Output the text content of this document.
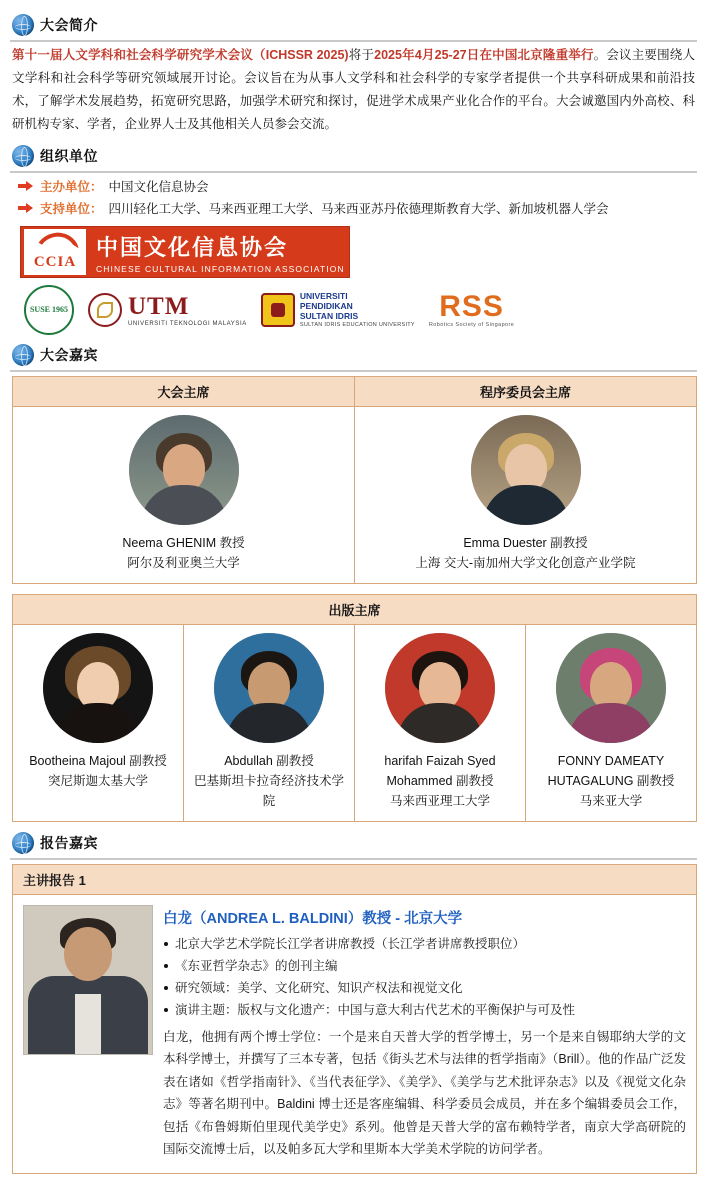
大会简介

第十一届人文学科和社会科学研究学术会议（ICHSSR 2025)将于2025年4月25-27日在中国北京隆重举行。会议主要围绕人文学科和社会科学等研究领域展开讨论。会议旨在为从事人文学科和社会科学的专家学者提供一个共享科研成果和前沿技术，了解学术发展趋势，拓宽研究思路，加强学术研究和探讨，促进学术成果产业化合作的平台。大会诚邀国内外高校、科研机构专家、学者，企业界人士及其他相关人员参会交流。

组织单位
主办单位： 中国文化信息协会
支持单位： 四川轻化工大学、马来西亚理工大学、马来西亚苏丹依德理斯教育大学、新加坡机器人学会
CCIA
中国文化信息协会
CHINESE CULTURAL INFORMATION ASSOCIATION
SUSE 1965 UTM
UNIVERSITI TEKNOLOGI MALAYSIA
UNIVERSITI
PENDIDIKAN
SULTAN IDRIS
SULTAN IDRIS EDUCATION UNIVERSITY
RSS
Robotics Society of Singapore
大会嘉宾
大会主席	程序委员会主席

Neema GHENIM 教授
阿尔及利亚奥兰大学

Emma Duester 副教授
上海 交大-南加州大学文化创意产业学院
出版主席

Bootheina Majoul 副教授
突尼斯迦太基大学

Abdullah 副教授
巴基斯坦卡拉奇经济技术学院

harifah Faizah Syed Mohammed 副教授
马来西亚理工大学

FONNY DAMEATY HUTAGALUNG 副教授
马来亚大学
报告嘉宾
主讲报告 1
白龙（ANDREA L. BALDINI）教授 - 北京大学
北京大学艺术学院长江学者讲席教授（长江学者讲席教授职位）
《东亚哲学杂志》的创刊主编
研究领域：美学、文化研究、知识产权法和视觉文化
演讲主题：版权与文化遗产：中国与意大利古代艺术的平衡保护与可及性

白龙，他拥有两个博士学位：一个是来自天普大学的哲学博士，另一个是来自锡耶纳大学的文本科学博士，并撰写了三本专著，包括《街头艺术与法律的哲学指南》（Brill）。他的作品广泛发表在诸如《哲学指南针》、《当代表征学》、《美学》、《美学与艺术批评杂志》以及《视觉文化杂志》等著名期刊中。Baldini 博士还是客座编辑、科学委员会成员，并在多个编辑委员会工作，包括《布鲁姆斯伯里现代美学史》系列。他曾是天普大学的富布赖特学者，南京大学高研院的国际交流博士后，以及帕多瓦大学和里斯本大学美术学院的访问学者。
